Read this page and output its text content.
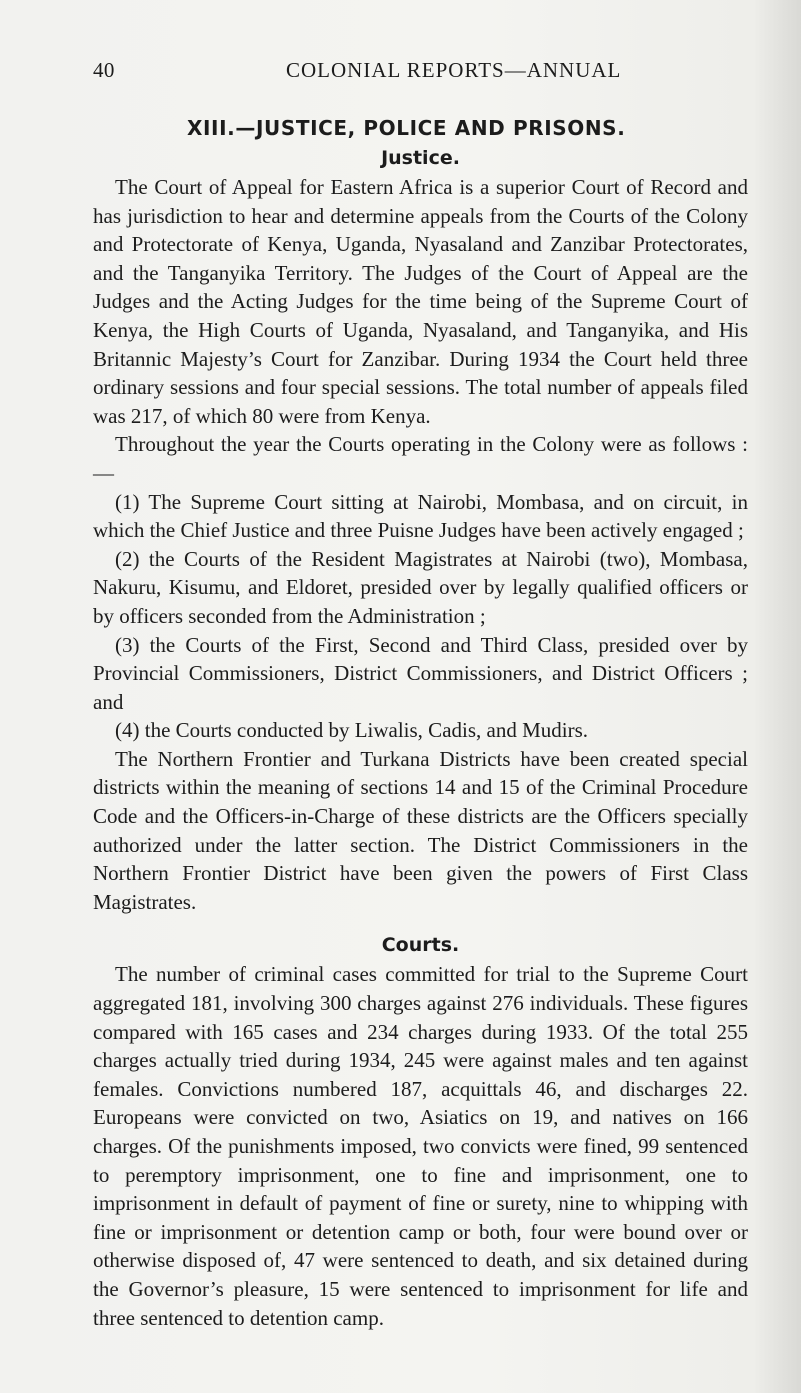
40	COLONIAL REPORTS—ANNUAL
XIII.—JUSTICE, POLICE AND PRISONS.
Justice.

The Court of Appeal for Eastern Africa is a superior Court of Record and has jurisdiction to hear and determine appeals from the Courts of the Colony and Protectorate of Kenya, Uganda, Nyasaland and Zanzibar Protectorates, and the Tanganyika Territory. The Judges of the Court of Appeal are the Judges and the Acting Judges for the time being of the Supreme Court of Kenya, the High Courts of Uganda, Nyasaland, and Tanganyika, and His Britannic Majesty’s Court for Zanzibar. During 1934 the Court held three ordinary sessions and four special sessions. The total number of appeals filed was 217, of which 80 were from Kenya.

Throughout the year the Courts operating in the Colony were as follows :—

(1) The Supreme Court sitting at Nairobi, Mombasa, and on circuit, in which the Chief Justice and three Puisne Judges have been actively engaged ;

(2) the Courts of the Resident Magistrates at Nairobi (two), Mombasa, Nakuru, Kisumu, and Eldoret, presided over by legally qualified officers or by officers seconded from the Administration ;

(3) the Courts of the First, Second and Third Class, presided over by Provincial Commissioners, District Commissioners, and District Officers ; and

(4) the Courts conducted by Liwalis, Cadis, and Mudirs.

The Northern Frontier and Turkana Districts have been created special districts within the meaning of sections 14 and 15 of the Criminal Procedure Code and the Officers-in-Charge of these districts are the Officers specially authorized under the latter section. The District Commissioners in the Northern Frontier District have been given the powers of First Class Magistrates.

Courts.

The number of criminal cases committed for trial to the Supreme Court aggregated 181, involving 300 charges against 276 individuals. These figures compared with 165 cases and 234 charges during 1933. Of the total 255 charges actually tried during 1934, 245 were against males and ten against females. Convictions numbered 187, acquittals 46, and discharges 22. Europeans were convicted on two, Asiatics on 19, and natives on 166 charges. Of the punishments imposed, two convicts were fined, 99 sentenced to peremptory imprisonment, one to fine and imprisonment, one to imprisonment in default of payment of fine or surety, nine to whipping with fine or imprisonment or detention camp or both, four were bound over or otherwise disposed of, 47 were sentenced to death, and six detained during the Governor’s pleasure, 15 were sentenced to imprisonment for life and three sentenced to detention camp.
